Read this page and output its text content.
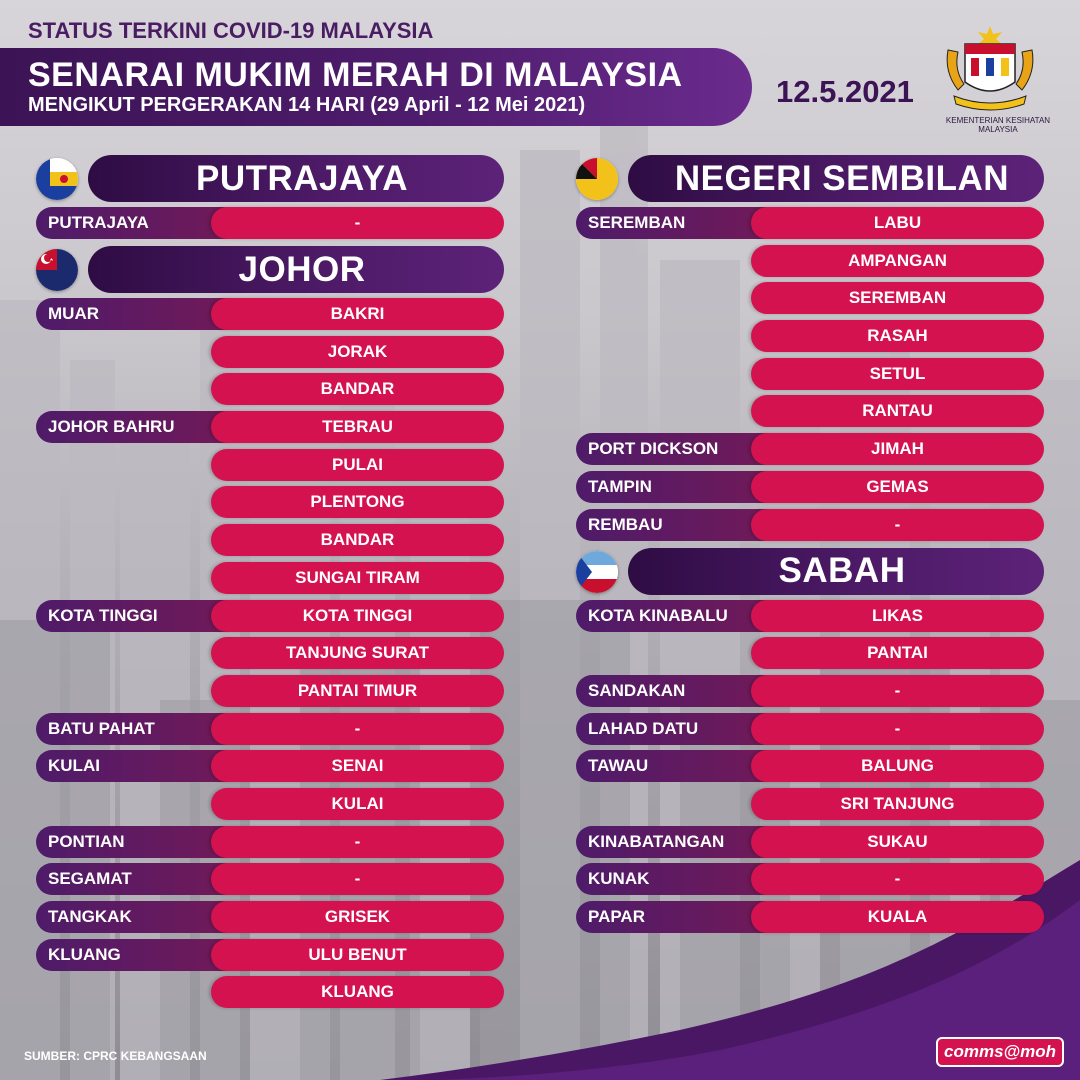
STATUS TERKINI COVID-19 MALAYSIA
SENARAI MUKIM MERAH DI MALAYSIA
MENGIKUT PERGERAKAN 14 HARI (29 April - 12 Mei 2021)	12.5.2021
KEMENTERIAN KESIHATAN MALAYSIA
PUTRAJAYA
PUTRAJAYA	-
JOHOR
MUAR	BAKRI
JORAK
BANDAR
JOHOR BAHRU	TEBRAU
PULAI
PLENTONG
BANDAR
SUNGAI TIRAM
KOTA TINGGI	KOTA TINGGI
TANJUNG SURAT
PANTAI TIMUR
BATU PAHAT	-
KULAI	SENAI
KULAI
PONTIAN	-
SEGAMAT	-
TANGKAK	GRISEK
KLUANG	ULU BENUT
KLUANG
NEGERI SEMBILAN
SEREMBAN	LABU
AMPANGAN
SEREMBAN
RASAH
SETUL
RANTAU
PORT DICKSON	JIMAH
TAMPIN	GEMAS
REMBAU	-
SABAH
KOTA KINABALU	LIKAS
PANTAI
SANDAKAN	-
LAHAD DATU	-
TAWAU	BALUNG
SRI TANJUNG
KINABATANGAN	SUKAU
KUNAK	-
PAPAR	KUALA
SUMBER: CPRC KEBANGSAAN	comms@moh
